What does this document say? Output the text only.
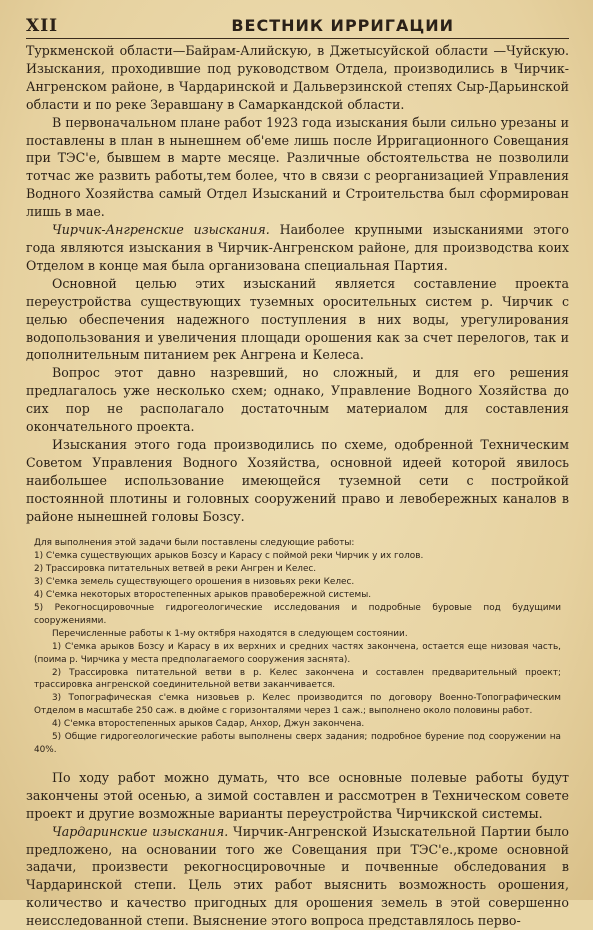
XII	ВЕСТНИК ИРРИГАЦИИ

Туркменской области—Байрам-Алийскую, в Джетысуйской области —Чуйскую. Изыскания, проходившие под руководством Отдела, производились в Чирчик-Ангренском районе, в Чардаринской и Дальверзинской степях Сыр-Дарьинской области и по реке Зеравшану в Самаркандской области.

В первоначальном плане работ 1923 года изыскания были сильно урезаны и поставлены в план в нынешнем об'еме лишь после Ирригационного Совещания при ТЭС'е, бывшем в марте месяце. Различные обстоятельства не позволили тотчас же развить работы,тем более, что в связи с реорганизацией Управления Водного Хозяйства самый Отдел Изысканий и Строительства был сформирован лишь в мае.

Чирчик-Ангренские изыскания. Наиболее крупными изысканиями этого года являются изыскания в Чирчик-Ангренском районе, для производства коих Отделом в конце мая была организована специальная Партия.

Основной целью этих изысканий является составление проекта переустройства существующих туземных оросительных систем р. Чирчик с целью обеспечения надежного поступления в них воды, урегулирования водопользования и увеличения площади орошения как за счет перелогов, так и дополнительным питанием рек Ангрена и Келеса.

Вопрос этот давно назревший, но сложный, и для его решения предлагалось уже несколько схем; однако, Управление Водного Хозяйства до сих пор не располагало достаточным материалом для составления окончательного проекта.

Изыскания этого года производились по схеме, одобренной Техническим Советом Управления Водного Хозяйства, основной идеей которой явилось наибольшее использование имеющейся туземной сети с постройкой постоянной плотины и головных сооружений право и левобережных каналов в районе нынешней головы Бозсу.

Для выполнения этой задачи были поставлены следующие работы:

1) С'емка существующих арыков Бозсу и Карасу с поймой реки Чирчик у их голов.

2) Трассировка питательных ветвей в реки Ангрен и Келес.

3) С'емка земель существующего орошения в низовьях реки Келес.

4) С'емка некоторых второстепенных арыков правобережной системы.

5) Рекогносцировочные гидрогеологические исследования и подробные буровые под будущими сооружениями.

Перечисленные работы к 1-му октября находятся в следующем состоянии.

1) С'емка арыков Бозсу и Карасу в их верхних и средних частях закончена, остается еще низовая часть,(поима р. Чирчика у места предполагаемого сооружения заснята).

2) Трассировка питательной ветви в р. Келес закончена и составлен предварительный проект; трассировка ангренской соединительной ветви заканчивается.

3) Топографическая с'емка низовьев р. Келес производится по договору Военно-Топографическим Отделом в масштабе 250 саж. в дюйме с горизонталями через 1 саж.; выполнено около половины работ.

4) С'емка второстепенных арыков Садар, Анхор, Джун закончена.

5) Общие гидрогеологические работы выполнены сверх задания; подробное бурение под сооружении на 40%.

По ходу работ можно думать, что все основные полевые работы будут закончены этой осенью, а зимой составлен и рассмотрен в Техническом совете проект и другие возможные варианты переустройства Чирчикской системы.

Чардаринские изыскания. Чирчик-Ангренской Изыскательной Партии было предложено, на основании того же Совещания при ТЭС'е.,кроме основной задачи, произвести рекогносцировочные и почвенные обследования в Чардаринской степи. Цель этих работ выяснить возможность орошения, количество и качество пригодных для орошения земель в этой совершенно неисследованной степи. Выяснение этого вопроса представлялось перво-
